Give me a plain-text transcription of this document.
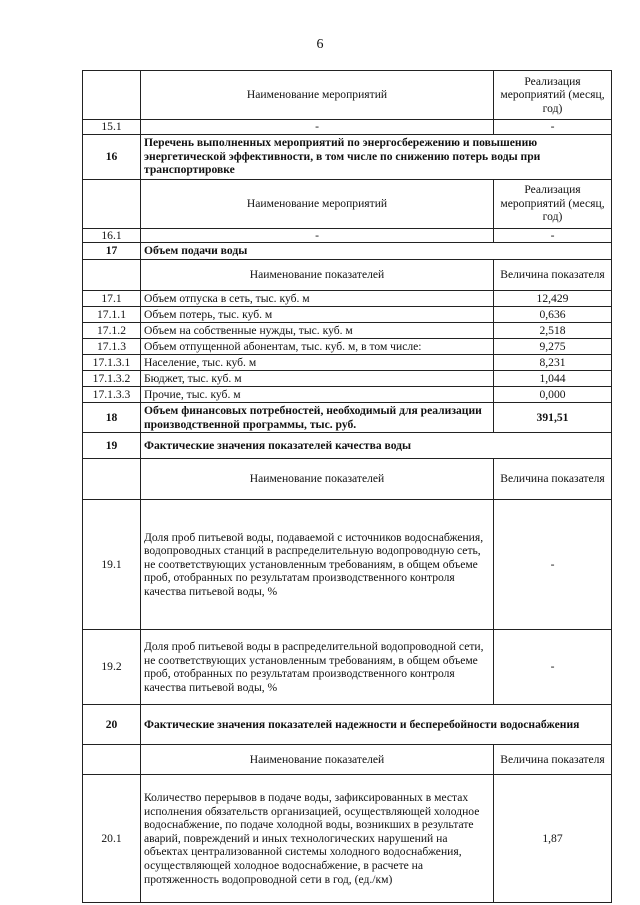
6
	Наименование мероприятий	Реализация мероприятий (месяц, год)
15.1	-	-
16	Перечень выполненных мероприятий по энергосбережению и повышению энергетической эффективности, в том числе по снижению потерь воды при транспортировке	
	Наименование мероприятий	Реализация мероприятий (месяц, год)
16.1	-	-
17	Объем подачи воды	
	Наименование показателей	Величина показателя
17.1	Объем отпуска в сеть, тыс. куб. м	12,429
17.1.1	Объем потерь, тыс. куб. м	0,636
17.1.2	Объем на собственные нужды, тыс. куб. м	2,518
17.1.3	Объем отпущенной абонентам, тыс. куб. м, в том числе:	9,275
17.1.3.1	Население, тыс. куб. м	8,231
17.1.3.2	Бюджет, тыс. куб. м	1,044
17.1.3.3	Прочие, тыс. куб. м	0,000
18	Объем финансовых потребностей, необходимый для реализации производственной программы, тыс. руб.	391,51
19	Фактические значения показателей качества воды	
	Наименование показателей	Величина показателя
19.1	Доля проб питьевой воды, подаваемой с источников водоснабжения, водопроводных станций в распределительную водопроводную сеть, не соответствующих установленным требованиям, в общем объеме проб, отобранных по результатам производственного контроля качества питьевой воды, %	-
19.2	Доля проб питьевой воды в распределительной водопроводной сети, не соответствующих установленным требованиям, в общем объеме проб, отобранных по результатам производственного контроля качества питьевой воды, %	-
20	Фактические значения показателей надежности и бесперебойности водоснабжения	
	Наименование показателей	Величина показателя
20.1	Количество перерывов в подаче воды, зафиксированных в местах исполнения обязательств организацией, осуществляющей холодное водоснабжение, по подаче холодной воды, возникших в результате аварий, повреждений и иных технологических нарушений на объектах централизованной системы холодного водоснабжения, осуществляющей холодное водоснабжение, в расчете на протяженность водопроводной сети в год, (ед./км)	1,87
